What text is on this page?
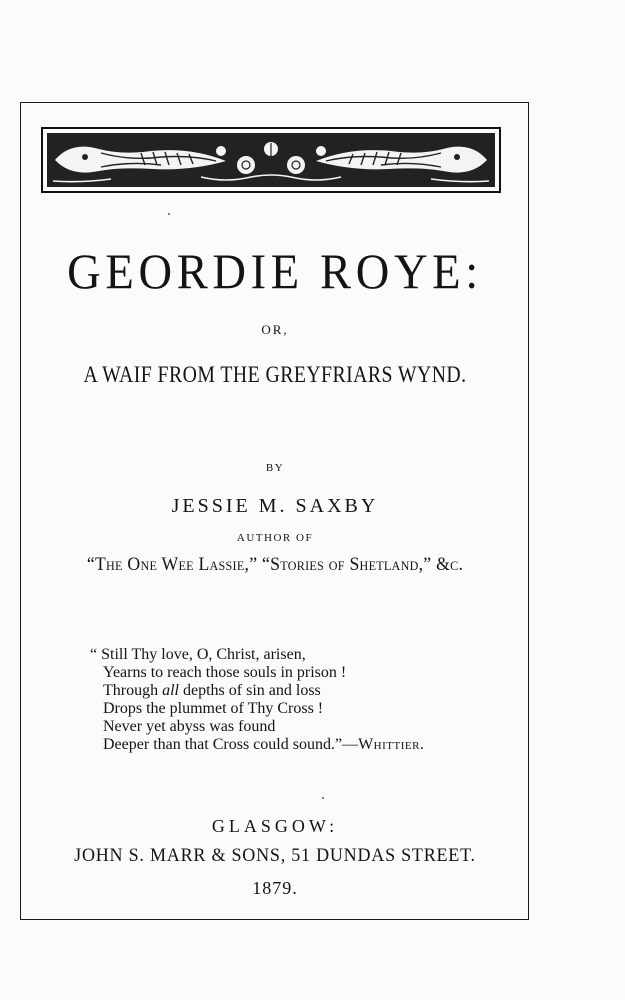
GEORDIE ROYE:
OR,
A WAIF FROM THE GREYFRIARS WYND.
BY
JESSIE M. SAXBY
AUTHOR OF
“The One Wee Lassie,” “Stories of Shetland,” &c.
“ Still Thy love, O, Christ, arisen,
Yearns to reach those souls in prison !
Through all depths of sin and loss
Drops the plummet of Thy Cross !
Never yet abyss was found
Deeper than that Cross could sound.”—Whittier.
GLASGOW:
JOHN S. MARR & SONS, 51 DUNDAS STREET.
1879.
